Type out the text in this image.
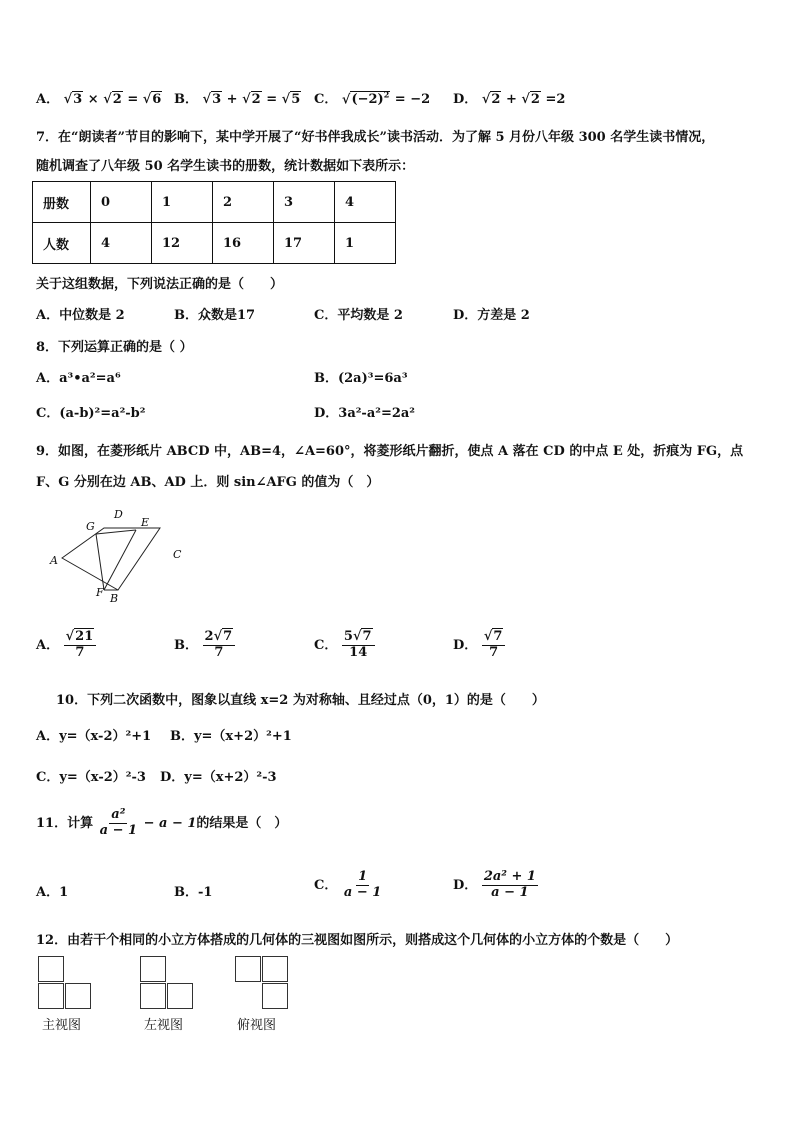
A． √3 × √2 = √6 B． √3 + √2 = √5 C． $√(-2)^2 = -2$ D． √2 + √2 =2
7．在“朗读者”节目的影响下，某中学开展了“好书伴我成长”读书活动．为了解 5 月份八年级 300 名学生读书情况，
随机调查了八年级 50 名学生读书的册数，统计数据如下表所示：
册数	0	1	2	3	4
人数	4	12	16	17	1
关于这组数据，下列说法正确的是（　　）
A．中位数是 2	B．众数是17	C．平均数是 2	D．方差是 2
8．下列运算正确的是（ ）
A．a³•a²=a⁶	B．(2a)³=6a³
C．(a-b)²=a²-b²	D．3a²-a²=2a²
9．如图，在菱形纸片 ABCD 中，AB=4，∠A=60°，将菱形纸片翻折，使点 A 落在 CD 的中点 E 处，折痕为 FG，点
F、G 分别在边 AB、AD 上．则 sin∠AFG 的值为（　）
D
G	E
A	C
F B
A． $\frac{√21}{7}$	B． $\frac{2√7}{7}$	C． $\frac{5√7}{14}$	D． $\frac{√7}{7}$
10．下列二次函数中，图象以直线 x=2 为对称轴、且经过点（0，1）的是（　　）
A．y=（x-2）²+1 B．y=（x+2）²+1
C．y=（x-2）²-3 D．y=（x+2）²-3
11．计算 $\frac{\text{a²}}{a - 1} - a - 1$的结果是（　）
A．1	B．-1	C． $\frac{1}{a - 1}$	D． $\frac{\text{2a² + 1}}{a - 1}$
12．由若干个相同的小立方体搭成的几何体的三视图如图所示，则搭成这个几何体的小立方体的个数是（　　）
主视图	左视图	俯视图
